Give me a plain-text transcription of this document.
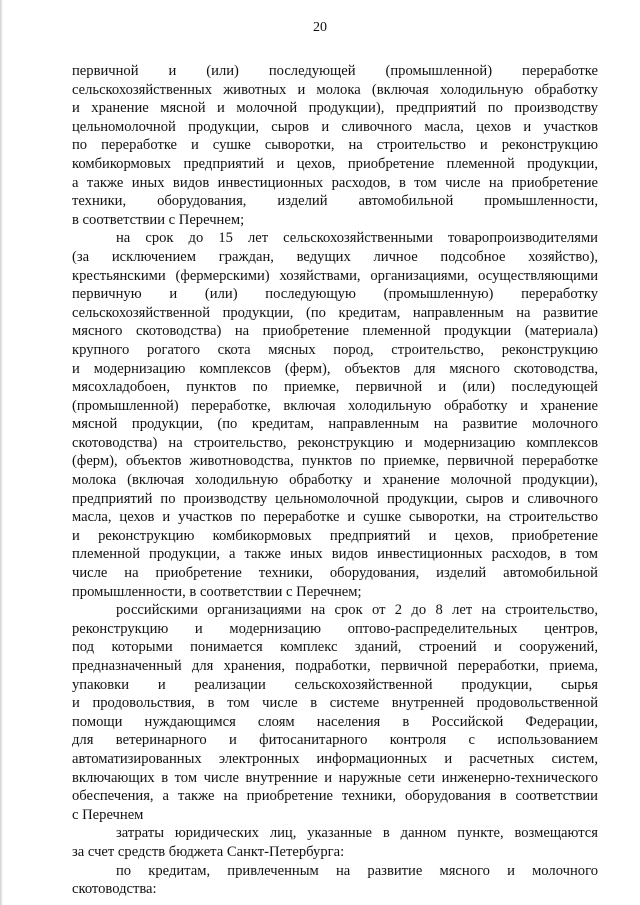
20
первичной и (или) последующей (промышленной) переработке
сельскохозяйственных животных и молока (включая холодильную обработку
и хранение мясной и молочной продукции), предприятий по производству
цельномолочной продукции, сыров и сливочного масла, цехов и участков
по переработке и сушке сыворотки, на строительство и реконструкцию
комбикормовых предприятий и цехов, приобретение племенной продукции,
а также иных видов инвестиционных расходов, в том числе на приобретение
техники, оборудования, изделий автомобильной промышленности,
в соответствии с Перечнем;
на срок до 15 лет сельскохозяйственными товаропроизводителями
(за исключением граждан, ведущих личное подсобное хозяйство),
крестьянскими (фермерскими) хозяйствами, организациями, осуществляющими
первичную и (или) последующую (промышленную) переработку
сельскохозяйственной продукции, (по кредитам, направленным на развитие
мясного скотоводства) на приобретение племенной продукции (материала)
крупного рогатого скота мясных пород, строительство, реконструкцию
и модернизацию комплексов (ферм), объектов для мясного скотоводства,
мясохладобоен, пунктов по приемке, первичной и (или) последующей
(промышленной) переработке, включая холодильную обработку и хранение
мясной продукции, (по кредитам, направленным на развитие молочного
скотоводства) на строительство, реконструкцию и модернизацию комплексов
(ферм), объектов животноводства, пунктов по приемке, первичной переработке
молока (включая холодильную обработку и хранение молочной продукции),
предприятий по производству цельномолочной продукции, сыров и сливочного
масла, цехов и участков по переработке и сушке сыворотки, на строительство
и реконструкцию комбикормовых предприятий и цехов, приобретение
племенной продукции, а также иных видов инвестиционных расходов, в том
числе на приобретение техники, оборудования, изделий автомобильной
промышленности, в соответствии с Перечнем;
российскими организациями на срок от 2 до 8 лет на строительство,
реконструкцию и модернизацию оптово-распределительных центров,
под которыми понимается комплекс зданий, строений и сооружений,
предназначенный для хранения, подработки, первичной переработки, приема,
упаковки и реализации сельскохозяйственной продукции, сырья
и продовольствия, в том числе в системе внутренней продовольственной
помощи нуждающимся слоям населения в Российской Федерации,
для ветеринарного и фитосанитарного контроля с использованием
автоматизированных электронных информационных и расчетных систем,
включающих в том числе внутренние и наружные сети инженерно-технического
обеспечения, а также на приобретение техники, оборудования в соответствии
с Перечнем
затраты юридических лиц, указанные в данном пункте, возмещаются
за счет средств бюджета Санкт-Петербурга:
по кредитам, привлеченным на развитие мясного и молочного
скотоводства:
